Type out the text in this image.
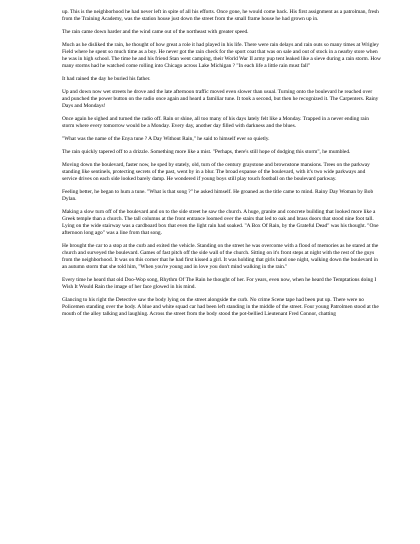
up. This is the neighborhood he had never left in spite of all his efforts. Once gone, he would come back. His first assignment as a patrolman, fresh from the Training Academy, was the station house just down the street from the small frame house he had grown up in.

The rain came down harder and the wind came out of the northeast with greater speed.

Much as he disliked the rain, he thought of how great a role it had played in his life. There were rain delays and rain outs so many times at Wrigley Field where he spent so much time as a boy. He never got the rain check for the sport coat that was on sale and out of stock in a nearby store when he was in high school. The time he and his friend Stan went camping, their World War II army pup tent leaked like a sieve during a rain storm. How many storms had he watched come rolling into Chicago across Lake Michigan ? "In each life a little rain must fall"

It had rained the day he buried his father.

Up and down now wet streets he drove and the late afternoon traffic moved even slower than usual. Turning onto the boulevard he reached over and punched the power button on the radio once again and heard a familiar tune. It took a second, but then he recognized it. The Carpenters. Rainy Days and Mondays!

Once again he sighed and turned the radio off. Rain or shine, all too many of his days lately felt like a Monday. Trapped in a never ending rain storm where every tomorrow would be a Monday. Every day, another day filled with darkness and the blues.

"What was the name of the Enya tune ? A Day Without Rain," he said to himself ever so quietly.

The rain quickly tapered off to a drizzle. Something more like a mist. "Perhaps, there's still hope of dodging this storm", he mumbled.

Moving down the boulevard, faster now, he sped by stately, old, turn of the century graystone and brownstone mansions. Trees on the parkway standing like sentinels, protecting secrets of the past, went by in a blur. The broad expanse of the boulevard, with it's two wide parkways and service drives on each side looked barely damp. He wondered if young boys still play touch football on the boulevard parkway.

Feeling better, he began to hum a tune. "What is that song ?" he asked himself. He groaned as the title came to mind. Rainy Day Woman by Bob Dylan.

Making a slow turn off of the boulevard and on to the side street he saw the church. A huge, granite and concrete building that looked more like a Greek temple than a church. The tall columns at the front entrance loomed over the stairs that led to oak and brass doors that stood nine foot tall. Lying on the wide stairway was a cardboard box that even the light rain had soaked. "A Box Of Rain, by the Grateful Dead" was his thought. "One afternoon long ago" was a line from that song.

He brought the car to a stop at the curb and exited the vehicle. Standing on the street he was overcome with a flood of memories as he stared at the church and surveyed the boulevard. Games of fast pitch off the side wall of the church. Sitting on it's front steps at night with the rest of the guys from the neighborhood. It was on this corner that he had first kissed a girl. It was holding that girls hand one night, walking down the boulevard in an autumn storm that she told him, "When you're young and in love you don't mind walking in the rain."

Every time he heard that old Doo-Wop song, Rhythm Of The Rain he thought of her. For years, even now, when he heard the Temptations doing I Wish It Would Rain the image of her face glowed in his mind.

Glancing to his right the Detective saw the body lying on the street alongside the curb. No crime Scene tape had been put up. There were no Policemen standing over the body. A blue and white squad car had been left standing in the middle of the street. Four young Patrolmen stood at the mouth of the alley talking and laughing. Across the street from the body stood the pot-bellied Lieutenant Fred Connor, chatting
